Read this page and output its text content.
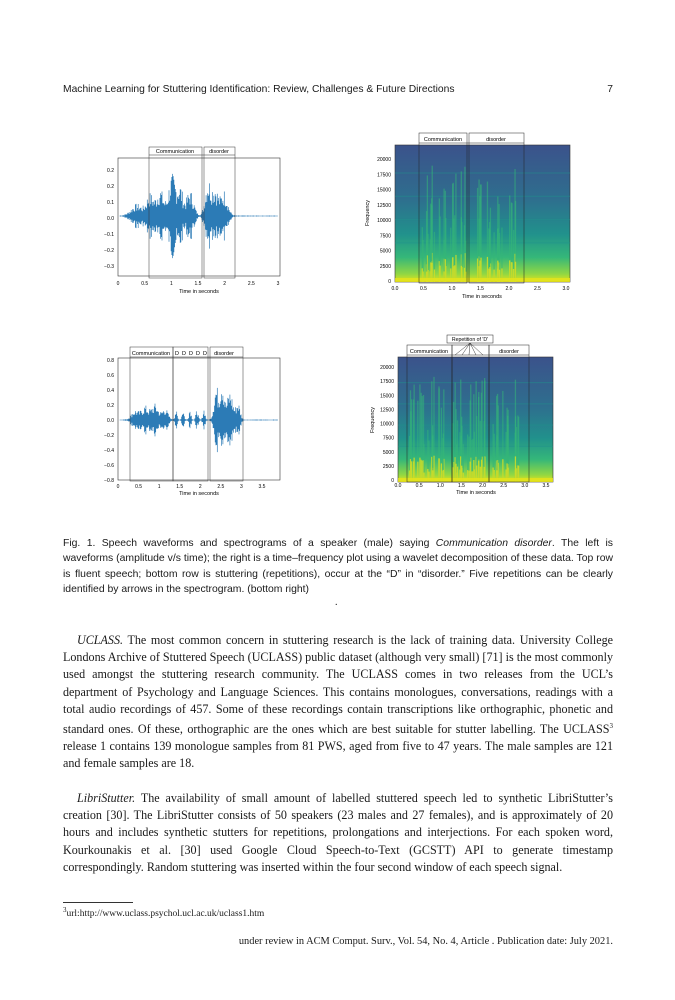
Machine Learning for Stuttering Identification: Review, Challenges & Future Directions	7
Communication	disorder
0.2
0.2
0.1
0.0
−0.1
−0.2
−0.3
0	0.5	1	1.5	2	2.5	3
Time in seconds
Communication	disorder
20000
17500
15000
12500
10000
7500
5000
2500
0
0.0	0.5	1.0	1.5	2.0	2.5	3.0
Time in seconds
Frequency
Communication D D D D D disorder
0.8
0.6
0.4
0.2
0.0
−0.2
−0.4
−0.6
−0.8
0	0.5	1	1.5	2	2.5	3	3.5
Time in seconds
Repetition of 'D'
Communication	disorder
20000
17500
15000
12500
10000
7500
5000
2500
0
0.0	0.5	1.0	1.5	2.0	2.5	3.0	3.5
Time in seconds
Frequency
Fig. 1. Speech waveforms and spectrograms of a speaker (male) saying Communication disorder. The left is waveforms (amplitude v/s time); the right is a time–frequency plot using a wavelet decomposition of these data. Top row is fluent speech; bottom row is stuttering (repetitions), occur at the “D” in “disorder.” Five repetitions can be clearly identified by arrows in the spectrogram. (bottom right)
.
UCLASS. The most common concern in stuttering research is the lack of training data. University College Londons Archive of Stuttered Speech (UCLASS) public dataset (although very small) [71] is the most commonly used amongst the stuttering research community. The UCLASS comes in two releases from the UCL’s department of Psychology and Language Sciences. This contains monologues, conversations, readings with a total audio recordings of 457. Some of these recordings contain transcriptions like orthographic, phonetic and standard ones. Of these, orthographic are the ones which are best suitable for stutter labelling. The UCLASS$^3$ release 1 contains 139 monologue samples from 81 PWS, aged from five to 47 years. The male samples are 121 and female samples are 18.
LibriStutter. The availability of small amount of labelled stuttered speech led to synthetic LibriStutter’s creation [30]. The LibriStutter consists of 50 speakers (23 males and 27 females), and is approximately of 20 hours and includes synthetic stutters for repetitions, prolongations and interjections. For each spoken word, Kourkounakis et al. [30] used Google Cloud Speech-to-Text (GCSTT) API to generate timestamp correspondingly. Random stuttering was inserted within the four second window of each speech signal.
$^3$url:http://www.uclass.psychol.ucl.ac.uk/uclass1.htm
under review in ACM Comput. Surv., Vol. 54, No. 4, Article . Publication date: July 2021.
